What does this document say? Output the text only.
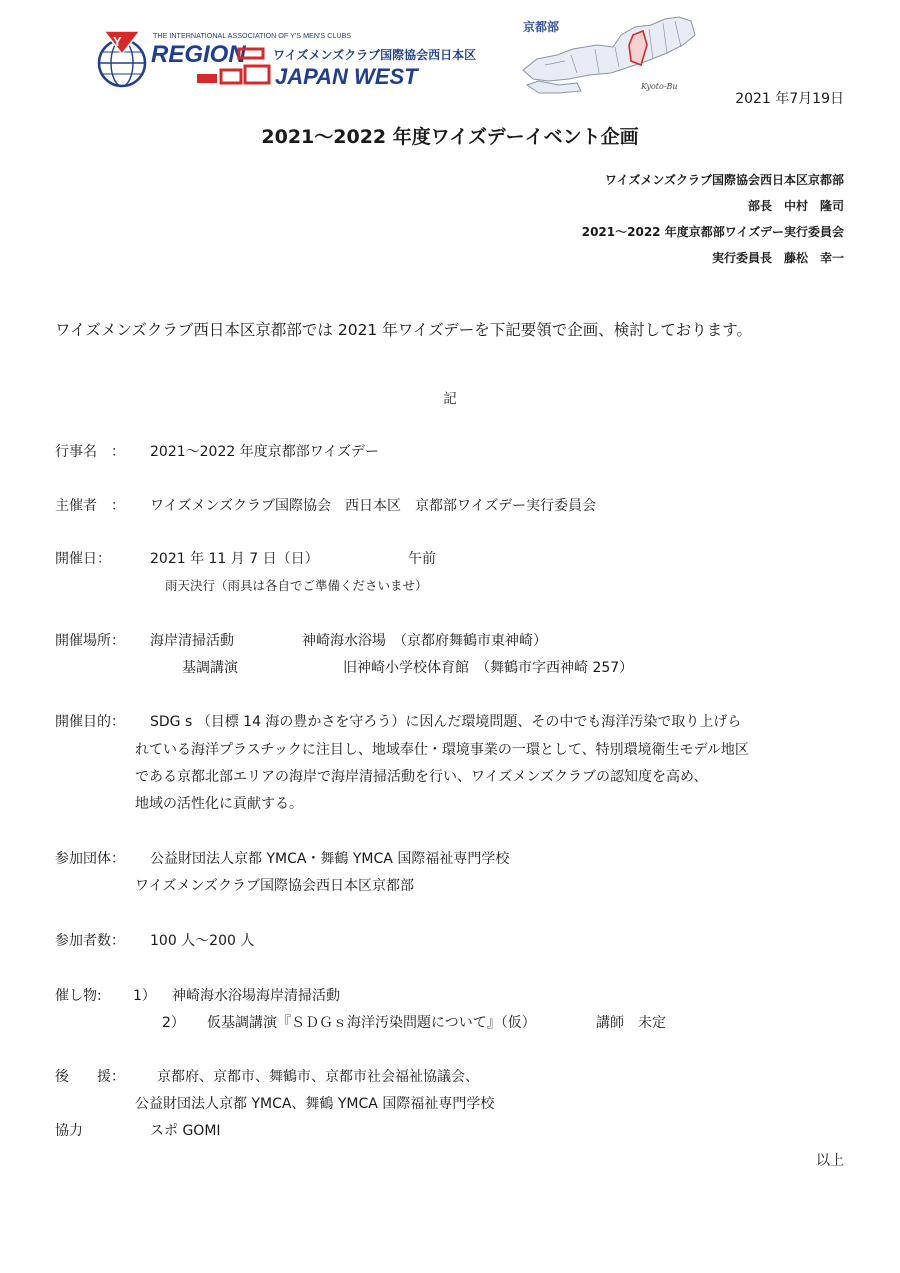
Y	THE INTERNATIONAL ASSOCIATION OF Y'S MEN'S CLUBS
REGION ワイズメンズクラブ国際協会西日本区
JAPAN WEST
京都部
Kyoto-Bu
2021 年7月19日
2021～2022 年度ワイズデーイベント企画
ワイズメンズクラブ国際協会西日本区京都部
部長　中村　隆司
2021～2022 年度京都部ワイズデー実行委員会
実行委員長　藤松　幸一
ワイズメンズクラブ西日本区京都部では 2021 年ワイズデーを下記要領で企画、検討しております。
記
行事名　： 2021～2022 年度京都部ワイズデー
主催者　： ワイズメンズクラブ国際協会　西日本区　京都部ワイズデー実行委員会
開催日：	2021 年 11 月 7 日（日）	午前
雨天決行（雨具は各自でご準備くださいませ）
開催場所： 海岸清掃活動	神崎海水浴場　（京都府舞鶴市東神崎）
基調講演	旧神崎小学校体育館　（舞鶴市字西神崎 257）
開催目的： SDG s （目標 14 海の豊かさを守ろう）に因んだ環境問題、その中でも海洋汚染で取り上げら
れている海洋プラスチックに注目し、地域奉仕・環境事業の一環として、特別環境衛生モデル地区
である京都北部エリアの海岸で海岸清掃活動を行い、ワイズメンズクラブの認知度を高め、
地域の活性化に貢献する。
参加団体： 公益財団法人京都 YMCA・舞鶴 YMCA 国際福祉専門学校
ワイズメンズクラブ国際協会西日本区京都部
参加者数： 100 人～200 人
催し物: 1） 神崎海水浴場海岸清掃活動
2） 仮基調講演『ＳＤＧｓ海洋汚染問題について』（仮）	講師　未定
後　　援： 京都府、京都市、舞鶴市、京都市社会福祉協議会、
公益財団法人京都 YMCA、舞鶴 YMCA 国際福祉専門学校
協力	スポ GOMI
以上
